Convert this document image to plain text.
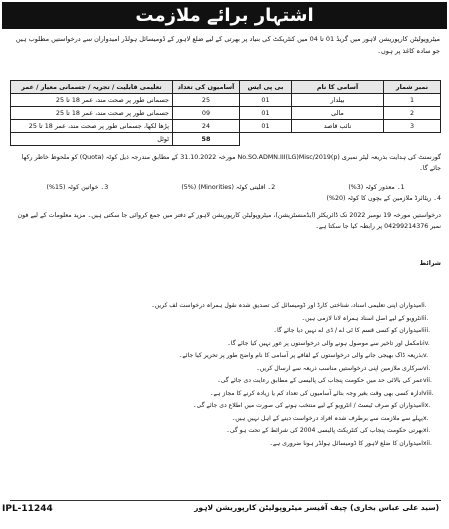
اشتہار برائے ملازمت
میٹروپولیٹن کارپوریشن لاہور میں گریڈ 01 تا 04 میں کنٹریکٹ کی بنیاد پر بھرتی کے لیے ضلع لاہور کے ڈومیسائل ہولڈر امیدواران سے درخواستیں مطلوب ہیں جو سادہ کاغذ پر ہوں۔
نمبر شمار	آسامی کا نام	بی پی ایس	آسامیوں کی تعداد	تعلیمی قابلیت / تجربہ / جسمانی معیار / عمر
1	بیلدار	01	25	جسمانی طور پر صحت مند، عمر 18 تا 25
2	مالی	01	09	جسمانی طور پر صحت مند، عمر 18 تا 25
3	نائب قاصد	01	24	پڑھا لکھا، جسمانی طور پر صحت مند، عمر 18 تا 25
			58	ٹوٹل
گورنمنٹ کی ہدایت بذریعہ لیٹر نمبری No.SO.ADMN.III(LG)Misc/2019(p) مورخہ 31.10.2022 کے مطابق مندرجہ ذیل کوٹہ (Quota) کو ملحوظ خاطر رکھا جائے گا۔
1۔ معذور کوٹہ (3%)
2۔ اقلیتی کوٹہ (Minorities) (5%)
3۔ خواتین کوٹہ (15%)
4۔ ریٹائرڈ ملازمین کے بچوں کا کوٹہ (20%)
درخواستیں مورخہ 19 نومبر 2022 تک ڈائریکٹر (ایڈمنسٹریشن)، میٹروپولیٹن کارپوریشن لاہور کے دفتر میں جمع کروائی جا سکتی ہیں۔ مزید معلومات کے لیے فون نمبر 04299214376 پر رابطہ کیا جا سکتا ہے۔
شرائط
i.
امیدواران اپنی تعلیمی اسناد، شناختی کارڈ اور ڈومیسائل کی تصدیق شدہ نقول ہمراہ درخواست لف کریں۔
ii.
انٹرویو کے لیے اصل اسناد ہمراہ لانا لازمی ہیں۔
iii.
امیدواران کو کسی قسم کا ٹی اے / ڈی اے نہیں دیا جائے گا۔
iv.
نامکمل اور تاخیر سے موصول ہونے والی درخواستوں پر غور نہیں کیا جائے گا۔
v.
بذریعہ ڈاک بھیجی جانے والی درخواستوں کے لفافے پر آسامی کا نام واضح طور پر تحریر کیا جائے۔
vi.
سرکاری ملازمین اپنی درخواستیں مناسب ذریعہ سے ارسال کریں۔
vii.
عمر کی بالائی حد میں حکومت پنجاب کی پالیسی کے مطابق رعایت دی جائے گی۔
viii.
ادارہ کسی بھی وقت بغیر وجہ بتائے آسامیوں کی تعداد کم یا زیادہ کرنے کا مجاز ہے۔
ix.
امیدواران کو صرف ٹیسٹ / انٹرویو کے لیے منتخب ہونے کی صورت میں اطلاع دی جائے گی۔
x.
پہلے سے ملازمت سے برطرف شدہ افراد درخواست دینے کے اہل نہیں ہیں۔
xi.
بھرتی حکومت پنجاب کی کنٹریکٹ پالیسی 2004 کی شرائط کے تحت ہو گی۔
xii.
امیدواران کا ضلع لاہور کا ڈومیسائل ہولڈر ہونا ضروری ہے۔
(سید علی عباس بخاری) چیف آفیسر میٹروپولیٹن کارپوریشن لاہور
IPL-11244
